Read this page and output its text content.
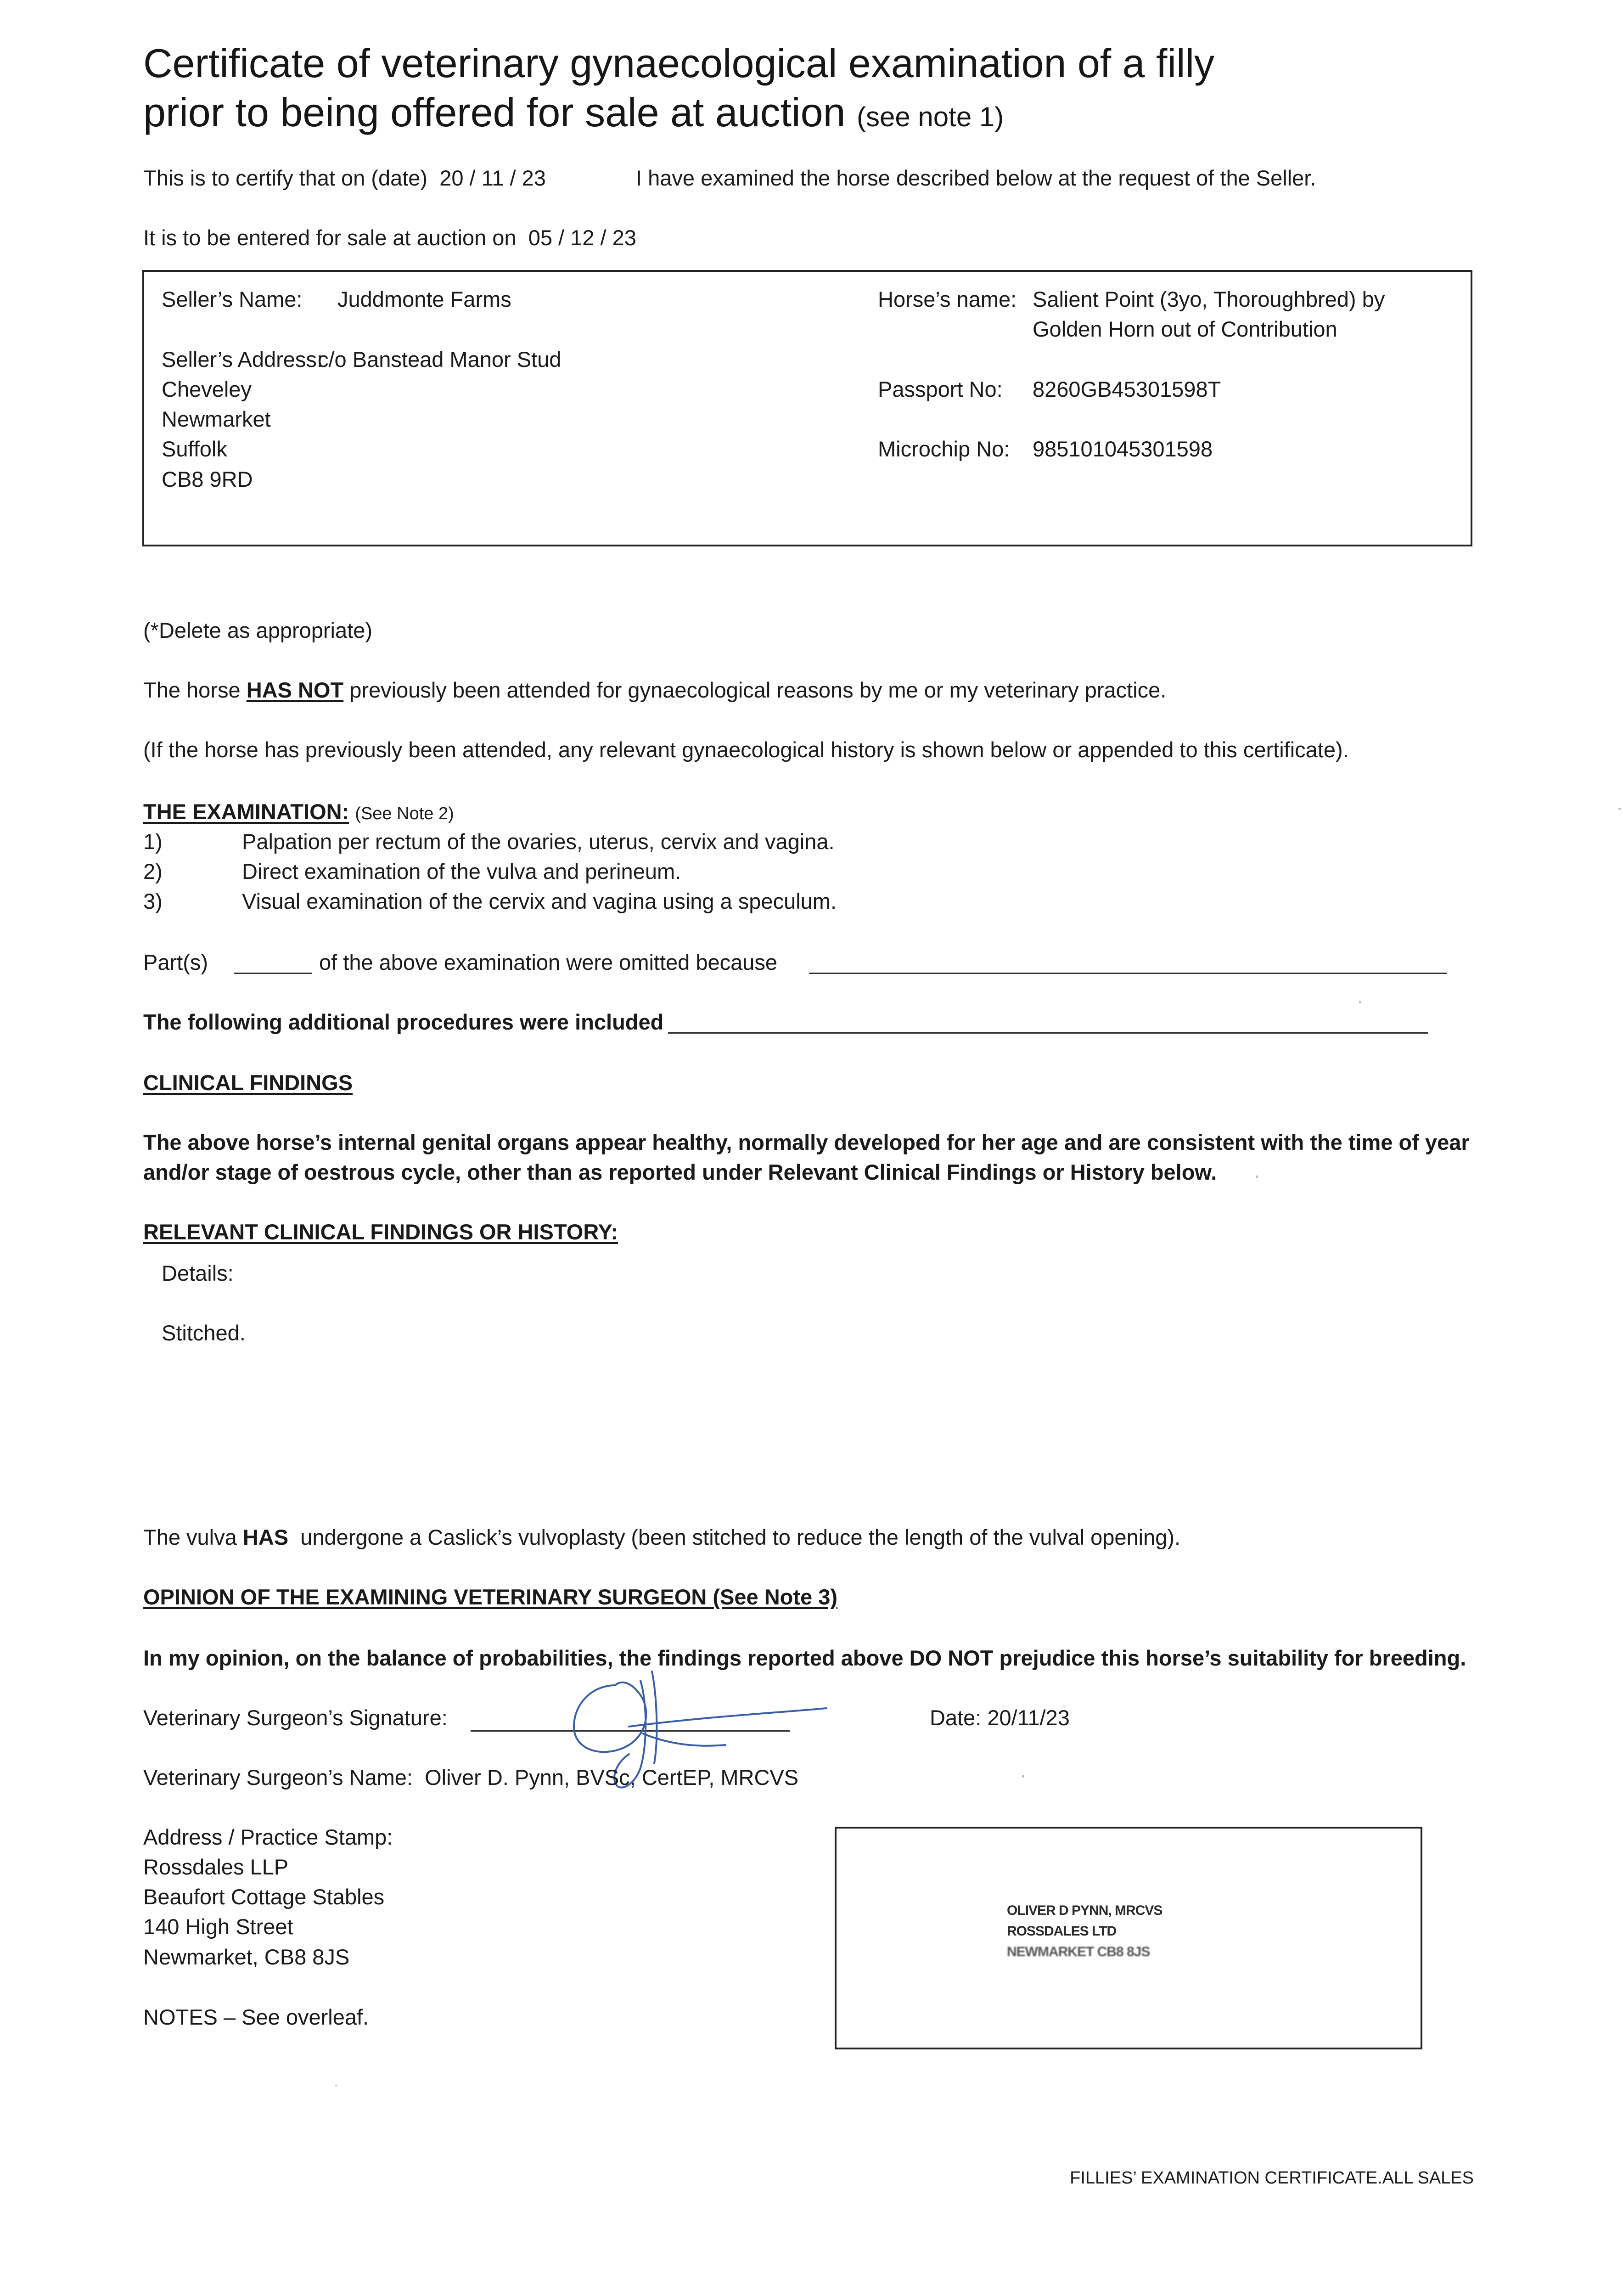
Certificate of veterinary gynaecological examination of a filly
prior to being offered for sale at auction (see note 1)
This is to certify that on (date) 20 / 11 / 23	I have examined the horse described below at the request of the Seller.
It is to be entered for sale at auction on 05 / 12 / 23
Seller’s Name: Juddmonte Farms
Seller’s Address:
c/o Banstead Manor Stud
Cheveley
Newmarket
Suffolk
CB8 9RD
Horse’s name: Salient Point (3yo, Thoroughbred) by
Golden Horn out of Contribution
Passport No: 8260GB45301598T
Microchip No: 985101045301598
(*Delete as appropriate)
The horse HAS NOT previously been attended for gynaecological reasons by me or my veterinary practice.
(If the horse has previously been attended, any relevant gynaecological history is shown below or appended to this certificate).
THE EXAMINATION: (See Note 2)
1)	Palpation per rectum of the ovaries, uterus, cervix and vagina.
2)	Direct examination of the vulva and perineum.
3)	Visual examination of the cervix and vagina using a speculum.
Part(s)	of the above examination were omitted because
The following additional procedures were included
CLINICAL FINDINGS
The above horse’s internal genital organs appear healthy, normally developed for her age and are consistent with the time of year
and/or stage of oestrous cycle, other than as reported under Relevant Clinical Findings or History below.
RELEVANT CLINICAL FINDINGS OR HISTORY:
Details:
Stitched.
The vulva HAS undergone a Caslick’s vulvoplasty (been stitched to reduce the length of the vulval opening).
OPINION OF THE EXAMINING VETERINARY SURGEON (See Note 3)
In my opinion, on the balance of probabilities, the findings reported above DO NOT prejudice this horse’s suitability for breeding.
Veterinary Surgeon’s Signature:	Date: 20/11/23
Veterinary Surgeon’s Name: Oliver D. Pynn, BVSc, CertEP, MRCVS
Address / Practice Stamp:
Rossdales LLP
Beaufort Cottage Stables
140 High Street
Newmarket, CB8 8JS
NOTES – See overleaf.
OLIVER D PYNN, MRCVS
ROSSDALES LTD
NEWMARKET CB8 8JS
FILLIES’ EXAMINATION CERTIFICATE.ALL SALES
